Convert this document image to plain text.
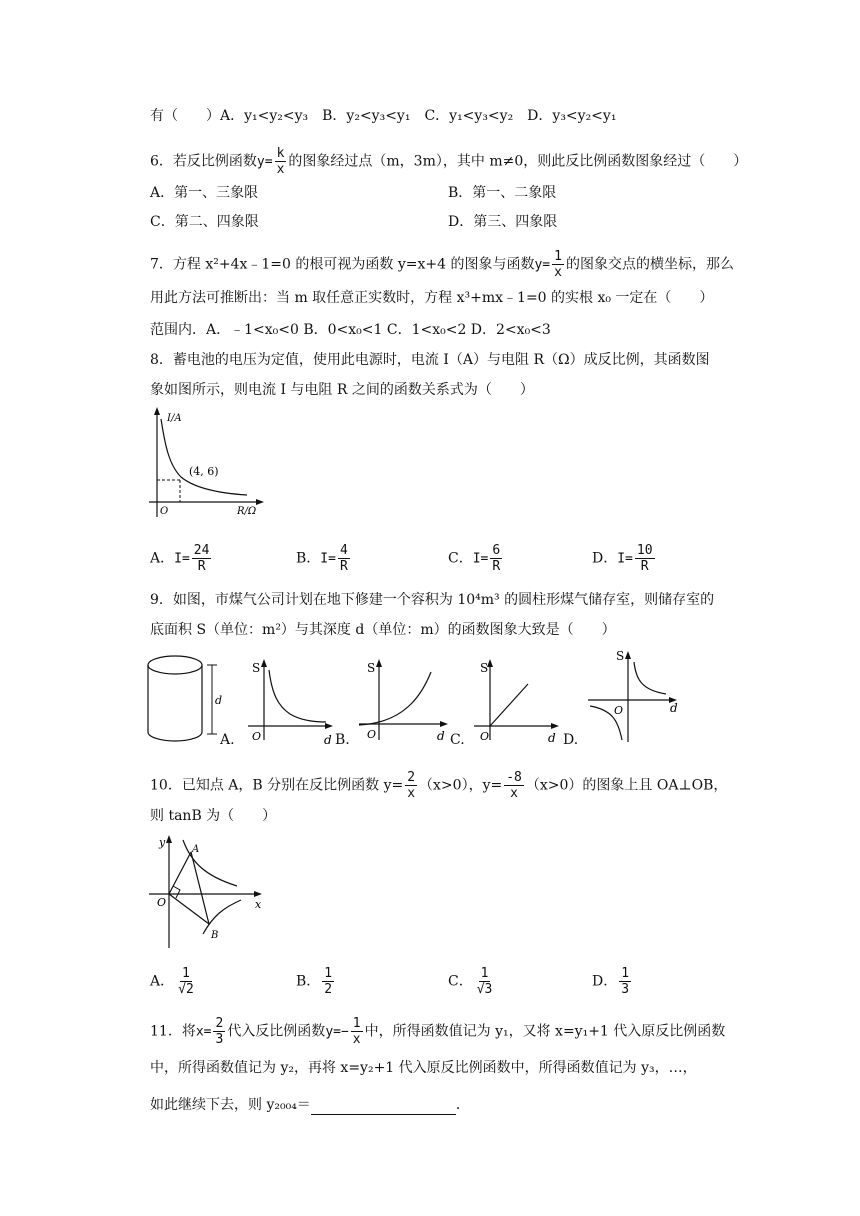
有（　　）A．y₁<y₂<y₃　B．y₂<y₃<y₁　C．y₁<y₃<y₂　D．y₃<y₂<y₁
6．若反比例函数$y= \frac{k}{x}$ 的图象经过点（m，3m），其中 m≠0，则此反比例函数图象经过（　　）
A．第一、三象限	B．第一、二象限
C．第二、四象限	D．第三、四象限
7．方程 x²+4x﹣1=0 的根可视为函数 y=x+4 的图象与函数$y= \frac{1}{x}$ 的图象交点的横坐标，那么
用此方法可推断出：当 m 取任意正实数时，方程 x³+mx﹣1=0 的实根 x₀ 一定在（　　）
范围内．A．﹣1<x₀<0 B．0<x₀<1 C．1<x₀<2 D．2<x₀<3
8．蓄电池的电压为定值，使用此电源时，电流 I（A）与电阻 R（Ω）成反比例，其函数图
象如图所示，则电流 I 与电阻 R 之间的函数关系式为（　　）
I/A
(4, 6)
O	R/Ω
A．$I= \frac{24}{R}$	B．$I= \frac{4}{R}$	C．$I= \frac{6}{R}$	D．$I= \frac{10}{R}$
9．如图，市煤气公司计划在地下修建一个容积为 10⁴m³ 的圆柱形煤气储存室，则储存室的
底面积 S（单位：m²）与其深度 d（单位：m）的函数图象大致是（　　）
d
A.
S
O	d B.
S
O	d C.
S
O	d D.
S
O	d
10．已知点 A，B 分别在反比例函数 $y= \frac{2}{x} (x>0)$，$y= \frac{-8}{x} (x>0)$的图象上且 OA⊥OB，
则 tanB 为（　　）
y
A
O	x
B
A． $\frac{1}{√2}$	B． $\frac{1}{2}$	C． $\frac{1}{√3}$	D． $\frac{1}{3}$
11．将$x= \frac{2}{3}$ 代入反比例函数$y=- \frac{1}{x}$ 中，所得函数值记为 y₁，又将 x=y₁+1 代入原反比例函数
中，所得函数值记为 y₂，再将 x=y₂+1 代入原反比例函数中，所得函数值记为 y₃，…，
如此继续下去，则 y₂₀₀₄＝	．
